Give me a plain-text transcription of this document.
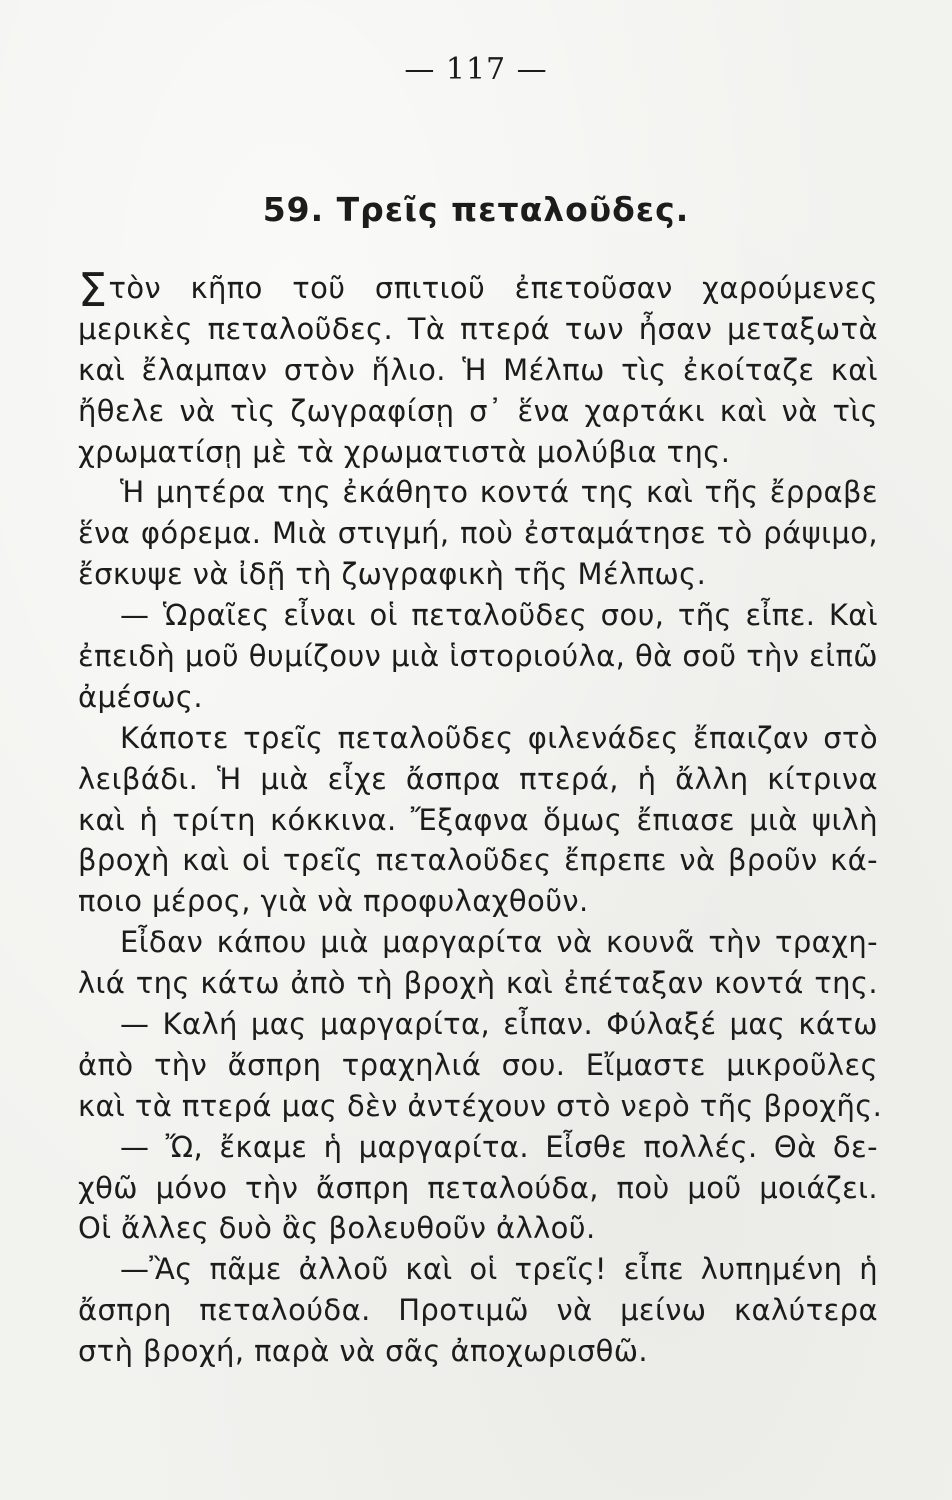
— 117 —
59. Τρεῖς πεταλοῦδες.
Στὸν κῆπο τοῦ σπιτιοῦ ἐπετοῦσαν χαρούμενες
μερικὲς πεταλοῦδες. Τὰ πτερά των ἦσαν μεταξωτὰ
καὶ ἔλαμπαν στὸν ἥλιο. Ἡ Μέλπω τὶς ἐκοίταζε καὶ
ἤθελε νὰ τὶς ζωγραφίσῃ σ᾽ ἕνα χαρτάκι καὶ νὰ τὶς
χρωματίσῃ μὲ τὰ χρωματιστὰ μολύβια της.
Ἡ μητέρα της ἐκάθητο κοντά της καὶ τῆς ἔρραβε
ἕνα φόρεμα. Μιὰ στιγμή, ποὺ ἐσταμάτησε τὸ ράψιμο,
ἔσκυψε νὰ ἰδῇ τὴ ζωγραφικὴ τῆς Μέλπως.
— Ὡραῖες εἶναι οἱ πεταλοῦδες σου, τῆς εἶπε. Καὶ
ἐπειδὴ μοῦ θυμίζουν μιὰ ἱστοριούλα, θὰ σοῦ τὴν εἰπῶ
ἀμέσως.
Κάποτε τρεῖς πεταλοῦδες φιλενάδες ἔπαιζαν στὸ
λειβάδι. Ἡ μιὰ εἶχε ἄσπρα πτερά, ἡ ἄλλη κίτρινα
καὶ ἡ τρίτη κόκκινα. Ἔξαφνα ὅμως ἔπιασε μιὰ ψιλὴ
βροχὴ καὶ οἱ τρεῖς πεταλοῦδες ἔπρεπε νὰ βροῦν κά-
ποιο μέρος, γιὰ νὰ προφυλαχθοῦν.
Εἶδαν κάπου μιὰ μαργαρίτα νὰ κουνᾶ τὴν τραχη-
λιά της κάτω ἀπὸ τὴ βροχὴ καὶ ἐπέταξαν κοντά της.
— Καλή μας μαργαρίτα, εἶπαν. Φύλαξέ μας κάτω
ἀπὸ τὴν ἄσπρη τραχηλιά σου. Εἴμαστε μικροῦλες
καὶ τὰ πτερά μας δὲν ἀντέχουν στὸ νερὸ τῆς βροχῆς.
— Ὤ, ἔκαμε ἡ μαργαρίτα. Εἶσθε πολλές. Θὰ δε-
χθῶ μόνο τὴν ἄσπρη πεταλούδα, ποὺ μοῦ μοιάζει.
Οἱ ἄλλες δυὸ ἂς βολευθοῦν ἀλλοῦ.
—Ἂς πᾶμε ἀλλοῦ καὶ οἱ τρεῖς! εἶπε λυπημένη ἡ
ἄσπρη πεταλούδα. Προτιμῶ νὰ μείνω καλύτερα
στὴ βροχή, παρὰ νὰ σᾶς ἀποχωρισθῶ.
